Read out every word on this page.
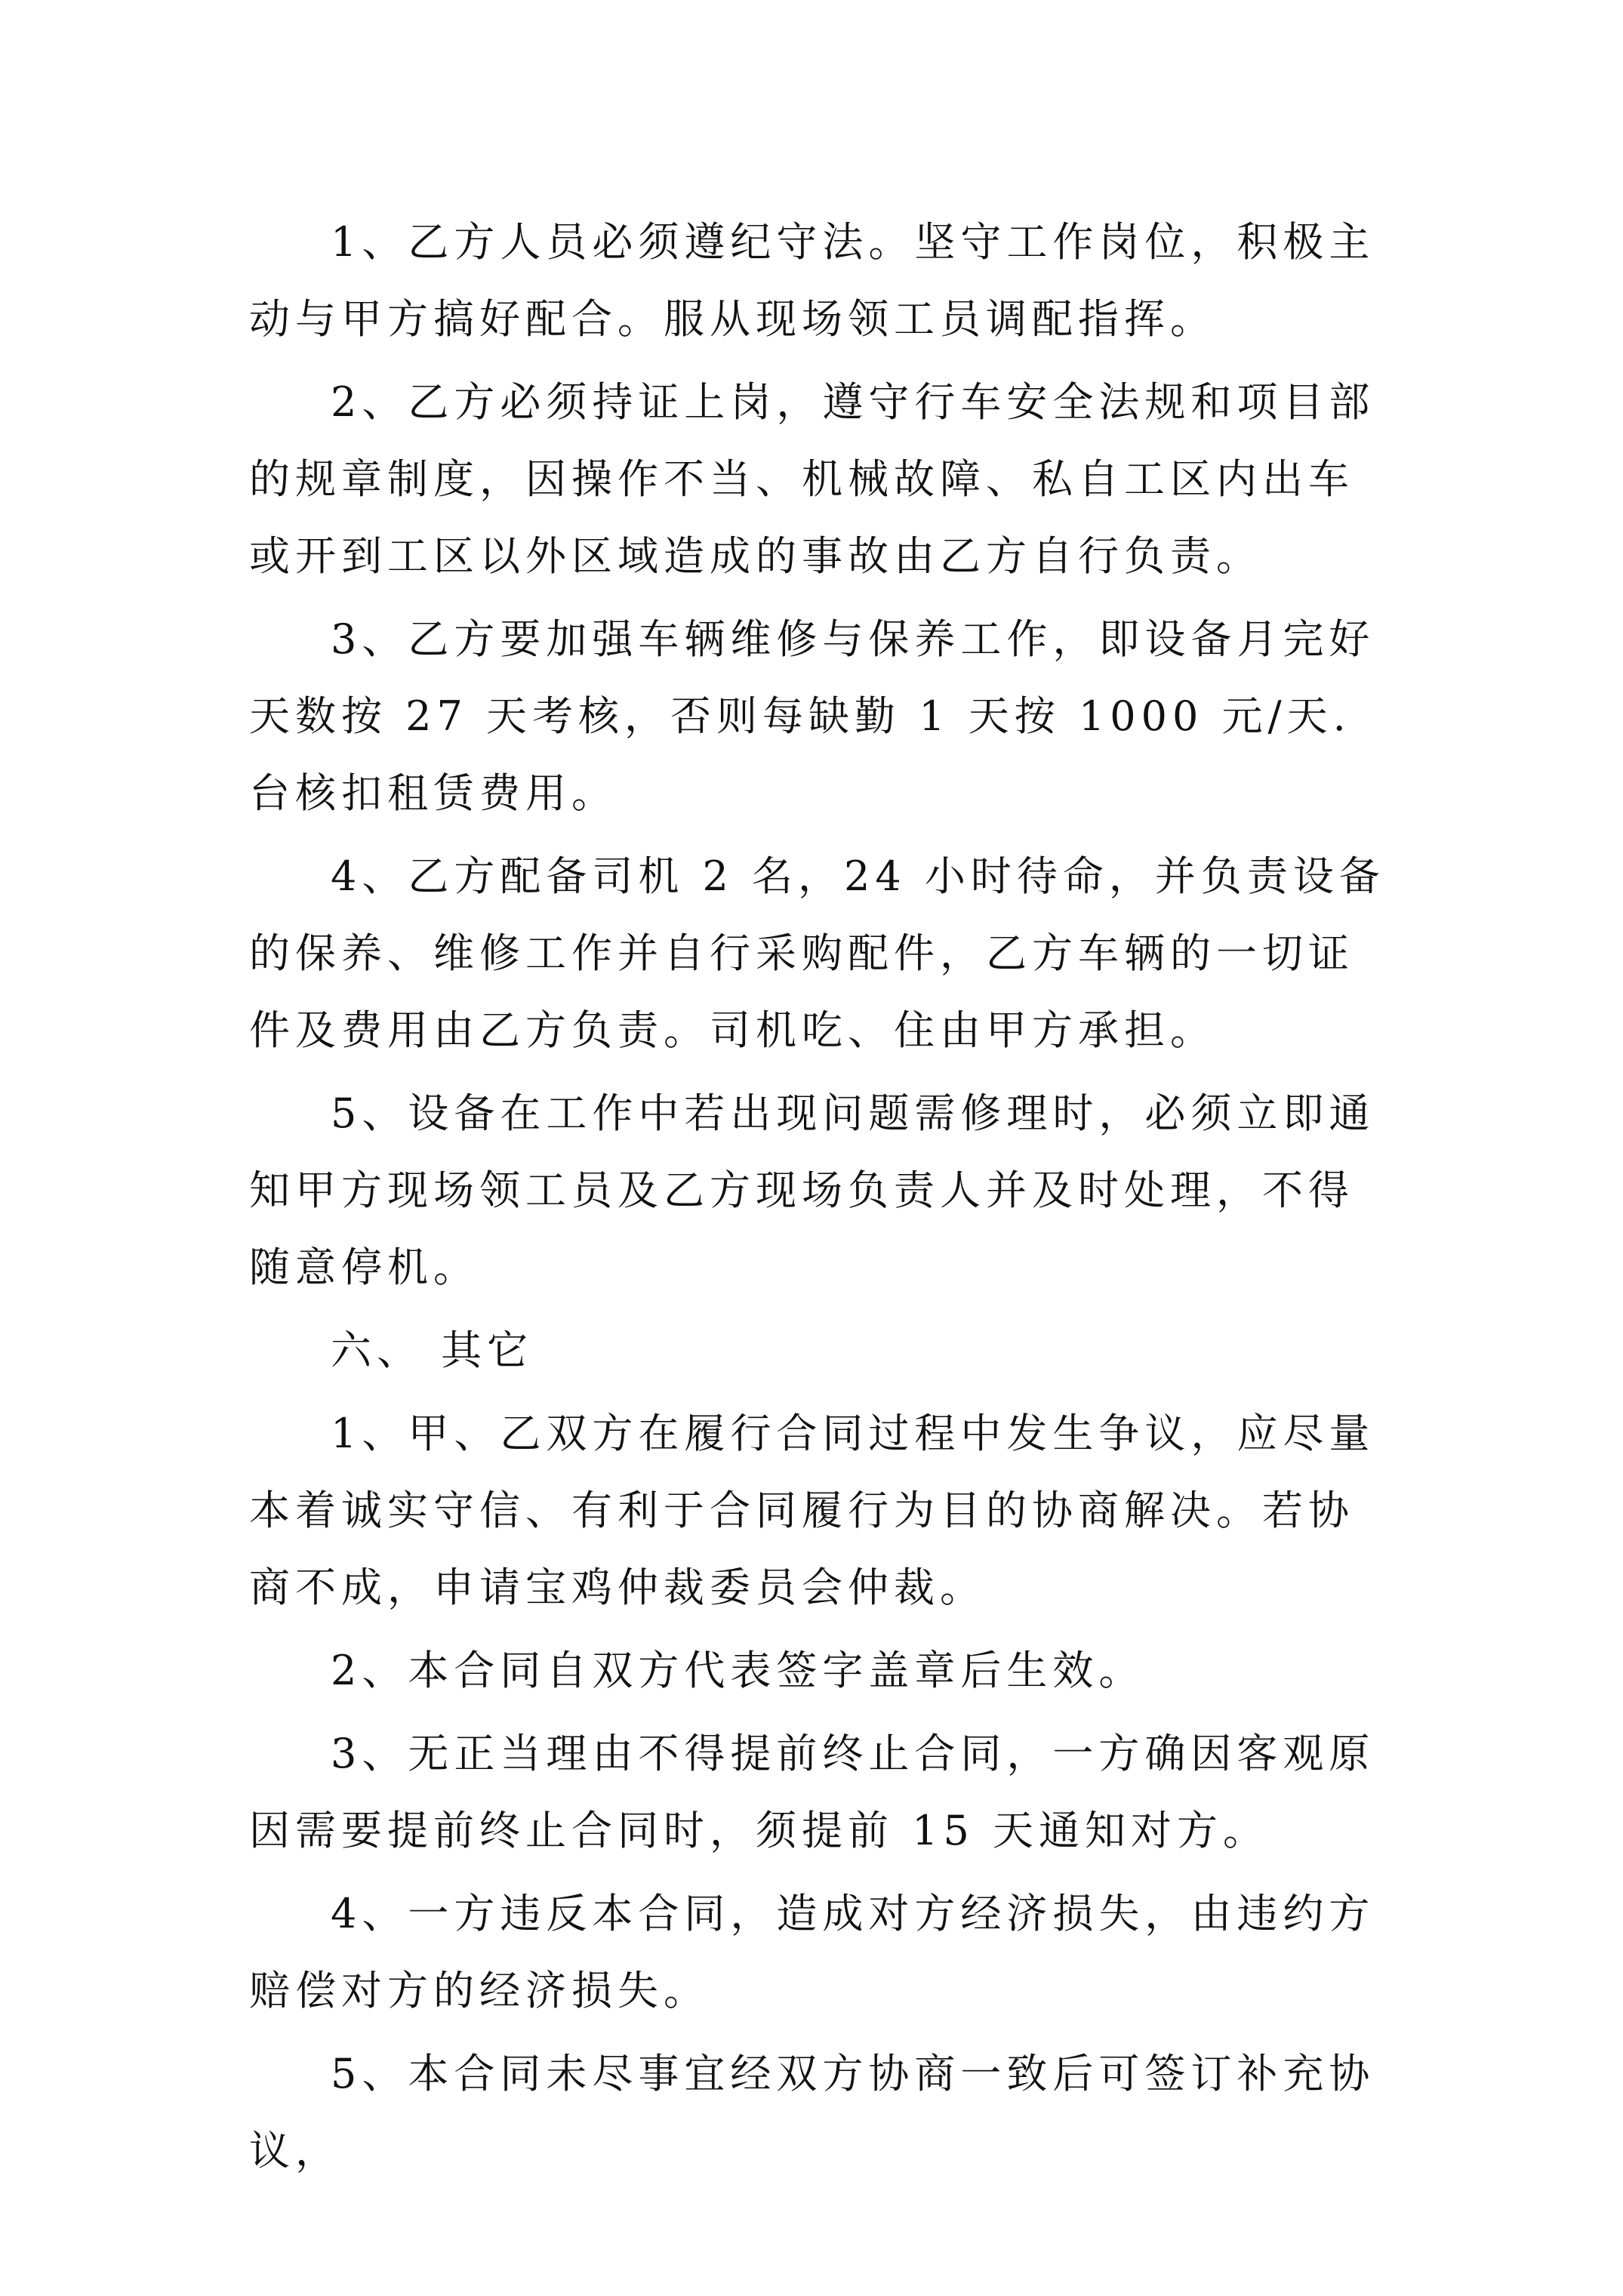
1、乙方人员必须遵纪守法。坚守工作岗位，积极主动与甲方搞好配合。服从现场领工员调配指挥。

2、乙方必须持证上岗，遵守行车安全法规和项目部的规章制度，因操作不当、机械故障、私自工区内出车或开到工区以外区域造成的事故由乙方自行负责。

3、乙方要加强车辆维修与保养工作，即设备月完好天数按 27 天考核，否则每缺勤 1 天按 1000 元/天.台核扣租赁费用。

4、乙方配备司机 2 名，24 小时待命，并负责设备的保养、维修工作并自行采购配件，乙方车辆的一切证件及费用由乙方负责。司机吃、住由甲方承担。

5、设备在工作中若出现问题需修理时，必须立即通知甲方现场领工员及乙方现场负责人并及时处理，不得随意停机。

六、 其它

1、甲、乙双方在履行合同过程中发生争议，应尽量本着诚实守信、有利于合同履行为目的协商解决。若协商不成，申请宝鸡仲裁委员会仲裁。

2、本合同自双方代表签字盖章后生效。

3、无正当理由不得提前终止合同，一方确因客观原因需要提前终止合同时，须提前 15 天通知对方。

4、一方违反本合同，造成对方经济损失，由违约方赔偿对方的经济损失。

5、本合同未尽事宜经双方协商一致后可签订补充协议，
